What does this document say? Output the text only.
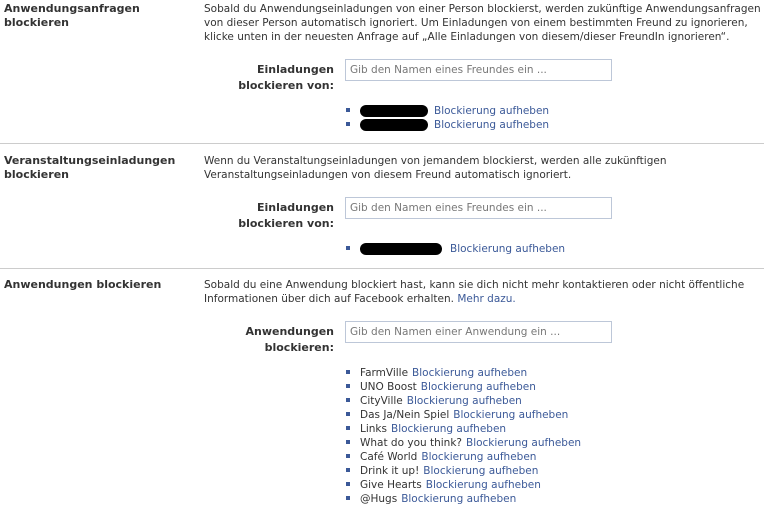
Anwendungsanfragen blockieren
Sobald du Anwendungseinladungen von einer Person blockierst, werden zukünftige Anwendungsanfragen von dieser Person automatisch ignoriert. Um Einladungen von einem bestimmten Freund zu ignorieren, klicke unten in der neuesten Anfrage auf „Alle Einladungen von diesem/dieser FreundIn ignorieren“.
Einladungen blockieren von:
Gib den Namen eines Freundes ein ...
Blockierung aufheben
Blockierung aufheben
Veranstaltungseinladungen blockieren
Wenn du Veranstaltungseinladungen von jemandem blockierst, werden alle zukünftigen Veranstaltungseinladungen von diesem Freund automatisch ignoriert.
Einladungen blockieren von:
Gib den Namen eines Freundes ein ...
Blockierung aufheben
Anwendungen blockieren	Sobald du eine Anwendung blockiert hast, kann sie dich nicht mehr kontaktieren oder nicht öffentliche Informationen über dich auf Facebook erhalten. Mehr dazu.
Anwendungen blockieren:
Gib den Namen einer Anwendung ein ...
FarmVille Blockierung aufheben
UNO Boost Blockierung aufheben
CityVille Blockierung aufheben
Das Ja/Nein Spiel Blockierung aufheben
Links Blockierung aufheben
What do you think? Blockierung aufheben
Café World Blockierung aufheben
Drink it up! Blockierung aufheben
Give Hearts Blockierung aufheben
@Hugs Blockierung aufheben
